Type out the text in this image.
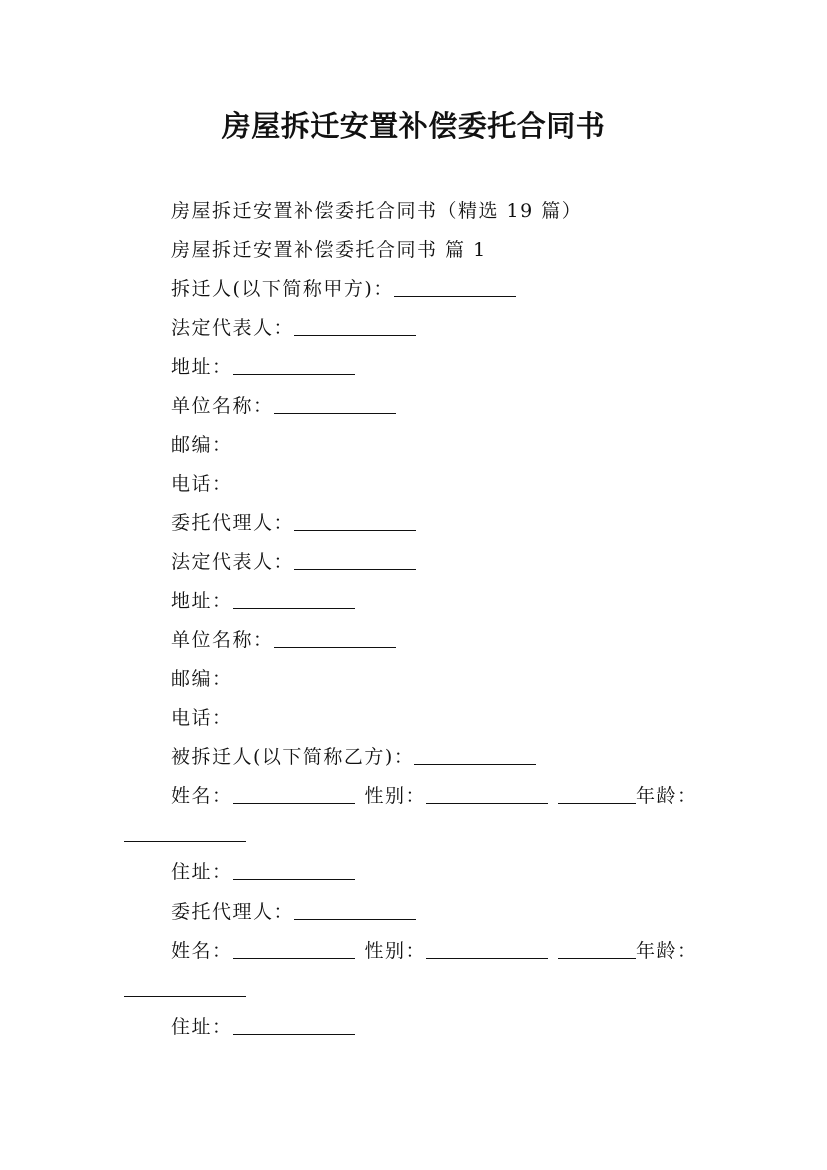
房屋拆迁安置补偿委托合同书
房屋拆迁安置补偿委托合同书（精选 19 篇）
房屋拆迁安置补偿委托合同书 篇 1
拆迁人(以下简称甲方)：
法定代表人：
地址：
单位名称：
邮编：
电话：
委托代理人：
法定代表人：
地址：
单位名称：
邮编：
电话：
被拆迁人(以下简称乙方)：
姓名：	性别：	年龄：
住址：
委托代理人：
姓名：	性别：	年龄：
住址：
